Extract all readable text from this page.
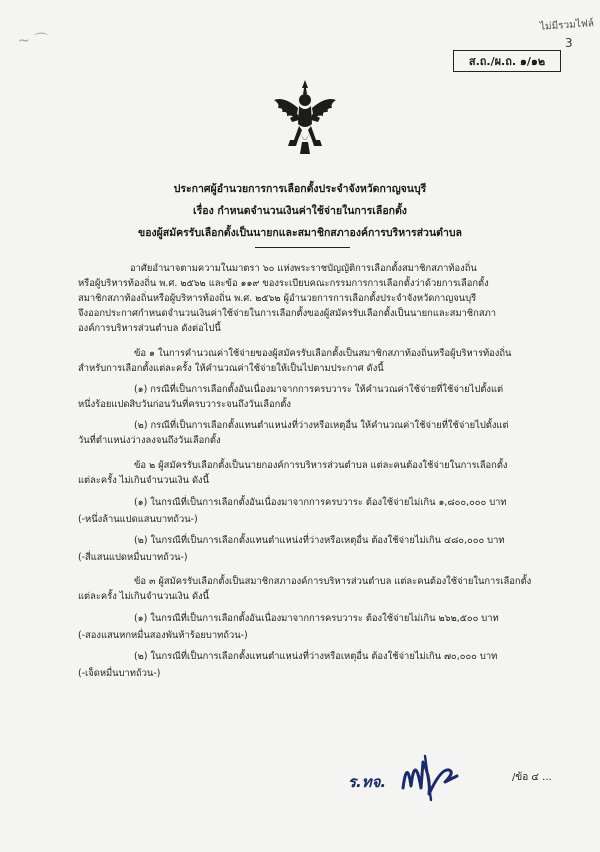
~ ⌒
ไม่มีรวมไฟล์
3
ส.ถ./ผ.ถ. ๑/๑๒
ประกาศผู้อำนวยการการเลือกตั้งประจำจังหวัดกาญจนบุรี
เรื่อง กำหนดจำนวนเงินค่าใช้จ่ายในการเลือกตั้ง
ของผู้สมัครรับเลือกตั้งเป็นนายกและสมาชิกสภาองค์การบริหารส่วนตำบล
อาศัยอำนาจตามความในมาตรา ๖๐ แห่งพระราชบัญญัติการเลือกตั้งสมาชิกสภาท้องถิ่น
หรือผู้บริหารท้องถิ่น พ.ศ. ๒๕๖๒ และข้อ ๑๑๙ ของระเบียบคณะกรรมการการเลือกตั้งว่าด้วยการเลือกตั้ง
สมาชิกสภาท้องถิ่นหรือผู้บริหารท้องถิ่น พ.ศ. ๒๕๖๒ ผู้อำนวยการการเลือกตั้งประจำจังหวัดกาญจนบุรี
จึงออกประกาศกำหนดจำนวนเงินค่าใช้จ่ายในการเลือกตั้งของผู้สมัครรับเลือกตั้งเป็นนายกและสมาชิกสภา
องค์การบริหารส่วนตำบล ดังต่อไปนี้
ข้อ ๑ ในการคำนวณค่าใช้จ่ายของผู้สมัครรับเลือกตั้งเป็นสมาชิกสภาท้องถิ่นหรือผู้บริหารท้องถิ่น
สำหรับการเลือกตั้งแต่ละครั้ง ให้คำนวณค่าใช้จ่ายให้เป็นไปตามประกาศ ดังนี้
(๑) กรณีที่เป็นการเลือกตั้งอันเนื่องมาจากการครบวาระ ให้คำนวณค่าใช้จ่ายที่ใช้จ่ายไปตั้งแต่
หนึ่งร้อยแปดสิบวันก่อนวันที่ครบวาระจนถึงวันเลือกตั้ง
(๒) กรณีที่เป็นการเลือกตั้งแทนตำแหน่งที่ว่างหรือเหตุอื่น ให้คำนวณค่าใช้จ่ายที่ใช้จ่ายไปตั้งแต่
วันที่ตำแหน่งว่างลงจนถึงวันเลือกตั้ง
ข้อ ๒ ผู้สมัครรับเลือกตั้งเป็นนายกองค์การบริหารส่วนตำบล แต่ละคนต้องใช้จ่ายในการเลือกตั้ง
แต่ละครั้ง ไม่เกินจำนวนเงิน ดังนี้
(๑) ในกรณีที่เป็นการเลือกตั้งอันเนื่องมาจากการครบวาระ ต้องใช้จ่ายไม่เกิน ๑,๘๐๐,๐๐๐ บาท
(-หนึ่งล้านแปดแสนบาทถ้วน-)
(๒) ในกรณีที่เป็นการเลือกตั้งแทนตำแหน่งที่ว่างหรือเหตุอื่น ต้องใช้จ่ายไม่เกิน ๔๘๐,๐๐๐ บาท
(-สี่แสนแปดหมื่นบาทถ้วน-)
ข้อ ๓ ผู้สมัครรับเลือกตั้งเป็นสมาชิกสภาองค์การบริหารส่วนตำบล แต่ละคนต้องใช้จ่ายในการเลือกตั้ง
แต่ละครั้ง ไม่เกินจำนวนเงิน ดังนี้
(๑) ในกรณีที่เป็นการเลือกตั้งอันเนื่องมาจากการครบวาระ ต้องใช้จ่ายไม่เกิน ๒๖๒,๕๐๐ บาท
(-สองแสนหกหมื่นสองพันห้าร้อยบาทถ้วน-)
(๒) ในกรณีที่เป็นการเลือกตั้งแทนตำแหน่งที่ว่างหรือเหตุอื่น ต้องใช้จ่ายไม่เกิน ๗๐,๐๐๐ บาท
(-เจ็ดหมื่นบาทถ้วน-)
ร.ทจ.	/ข้อ ๔ ...
